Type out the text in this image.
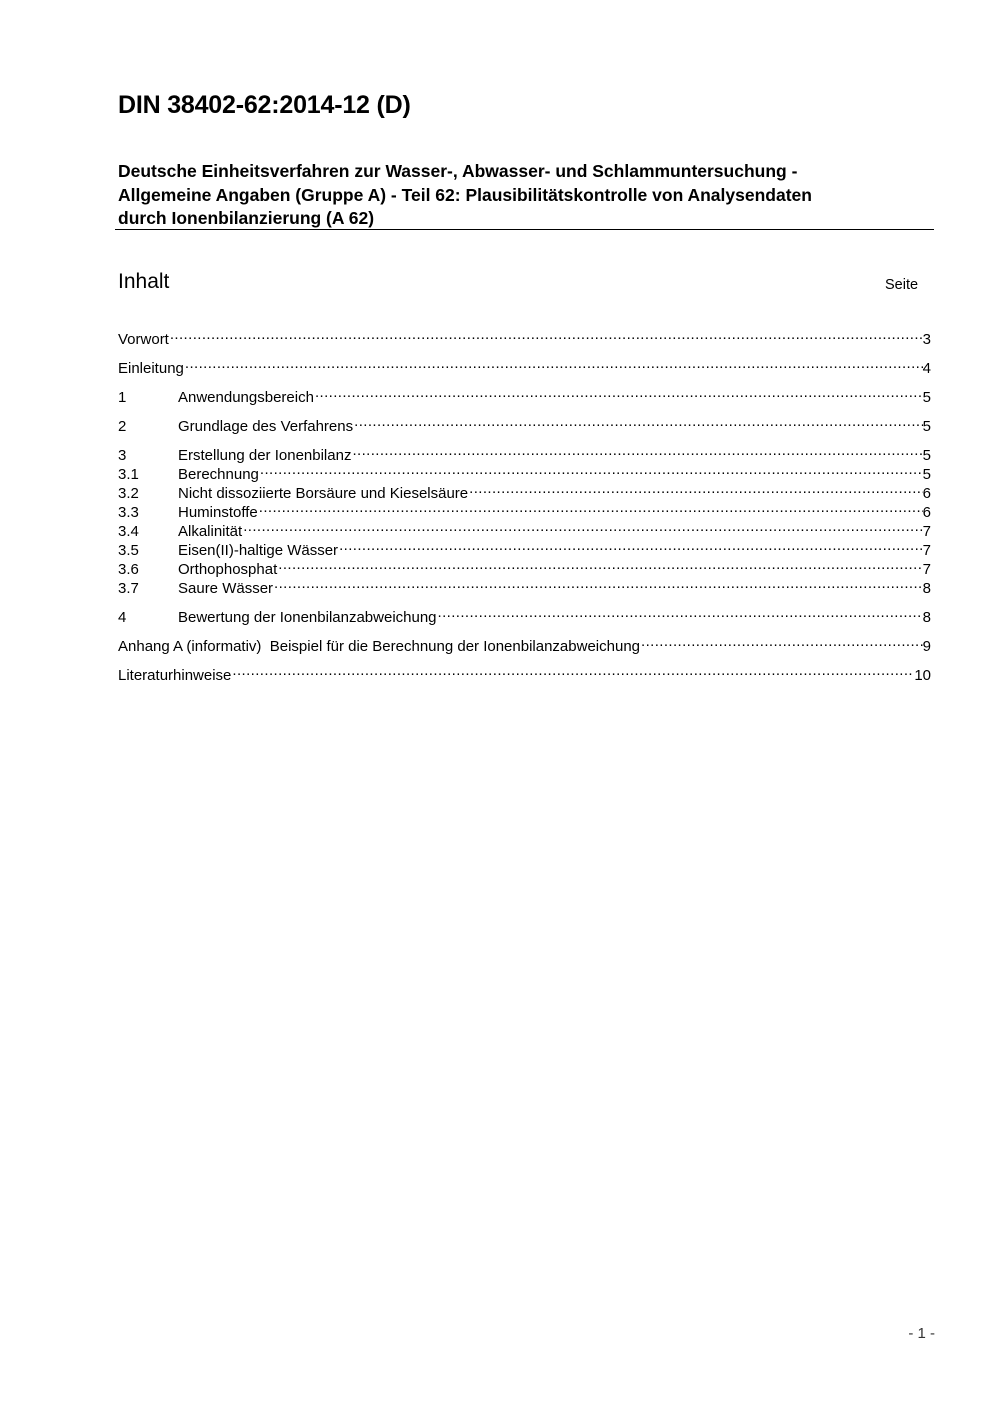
DIN 38402-62:2014-12 (D)
Deutsche Einheitsverfahren zur Wasser-, Abwasser- und Schlammuntersuchung -
Allgemeine Angaben (Gruppe A) - Teil 62: Plausibilitätskontrolle von Analysendaten
durch Ionenbilanzierung (A 62)
Inhalt	Seite
Vorwort .....	3
Einleitung .....	4
1	Anwendungsbereich .....	5
2	Grundlage des Verfahrens .....	5
3	Erstellung der Ionenbilanz .....	5
3.1	Berechnung .....	5
3.2	Nicht dissoziierte Borsäure und Kieselsäure .....	6
3.3	Huminstoffe .....	6
3.4	Alkalinität .....	7
3.5	Eisen(II)-haltige Wässer .....	7
3.6	Orthophosphat .....	7
3.7	Saure Wässer .....	8
4	Bewertung der Ionenbilanzabweichung .....	8
Anhang A (informativ)  Beispiel für die Berechnung der Ionenbilanzabweichung .....	9
Literaturhinweise .....	10
- 1 -
